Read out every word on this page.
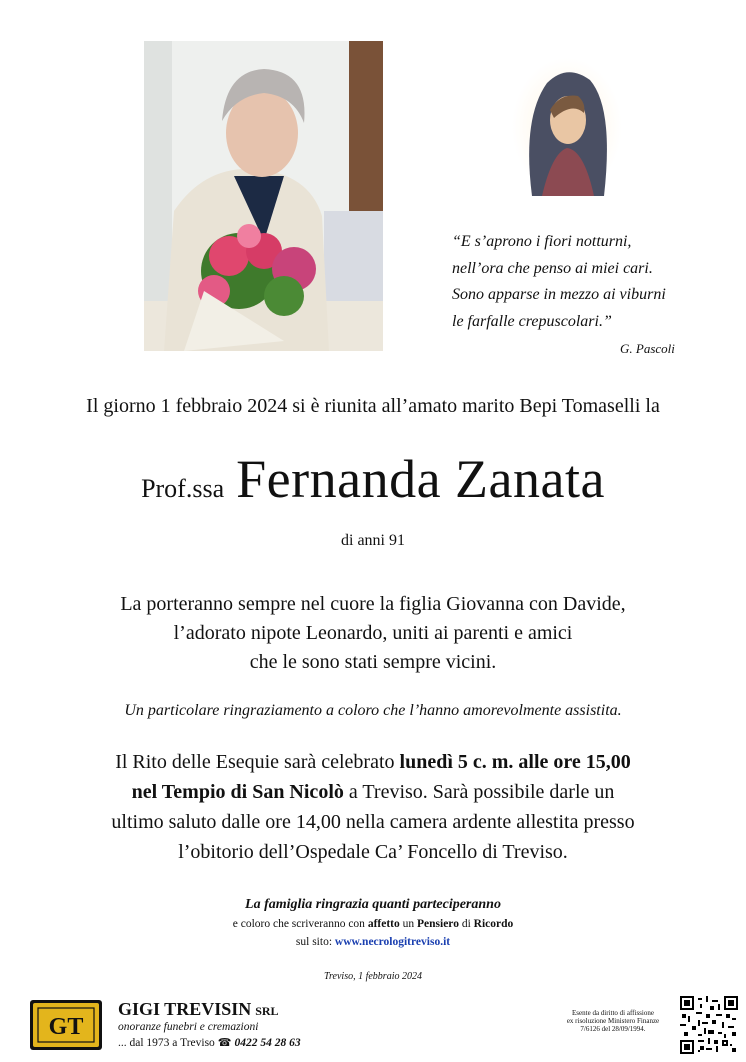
“E s’aprono i fiori notturni,
nell’ora che penso ai miei cari.
Sono apparse in mezzo ai viburni
le farfalle crepuscolari.”
G. Pascoli
Il giorno 1 febbraio 2024 si è riunita all’amato marito Bepi Tomaselli la
Prof.ssa Fernanda Zanata
di anni 91
La porteranno sempre nel cuore la figlia Giovanna con Davide,
l’adorato nipote Leonardo, uniti ai parenti e amici
che le sono stati sempre vicini.
Un particolare ringraziamento a coloro che l’hanno amorevolmente assistita.
Il Rito delle Esequie sarà celebrato lunedì 5 c. m. alle ore 15,00
nel Tempio di San Nicolò a Treviso. Sarà possibile darle un
ultimo saluto dalle ore 14,00 nella camera ardente allestita presso
l’obitorio dell’Ospedale Ca’ Foncello di Treviso.
La famiglia ringrazia quanti parteciperanno
e coloro che scriveranno con affetto un Pensiero di Ricordo
sul sito: www.necrologitreviso.it
Treviso, 1 febbraio 2024
GT
GIGI TREVISIN SRL
onoranze funebri e cremazioni
... dal 1973 a Treviso ☎ 0422 54 28 63
Esente da diritto di affissione
ex risoluzione Ministero Finanze
7/6126 del 28/09/1994.
